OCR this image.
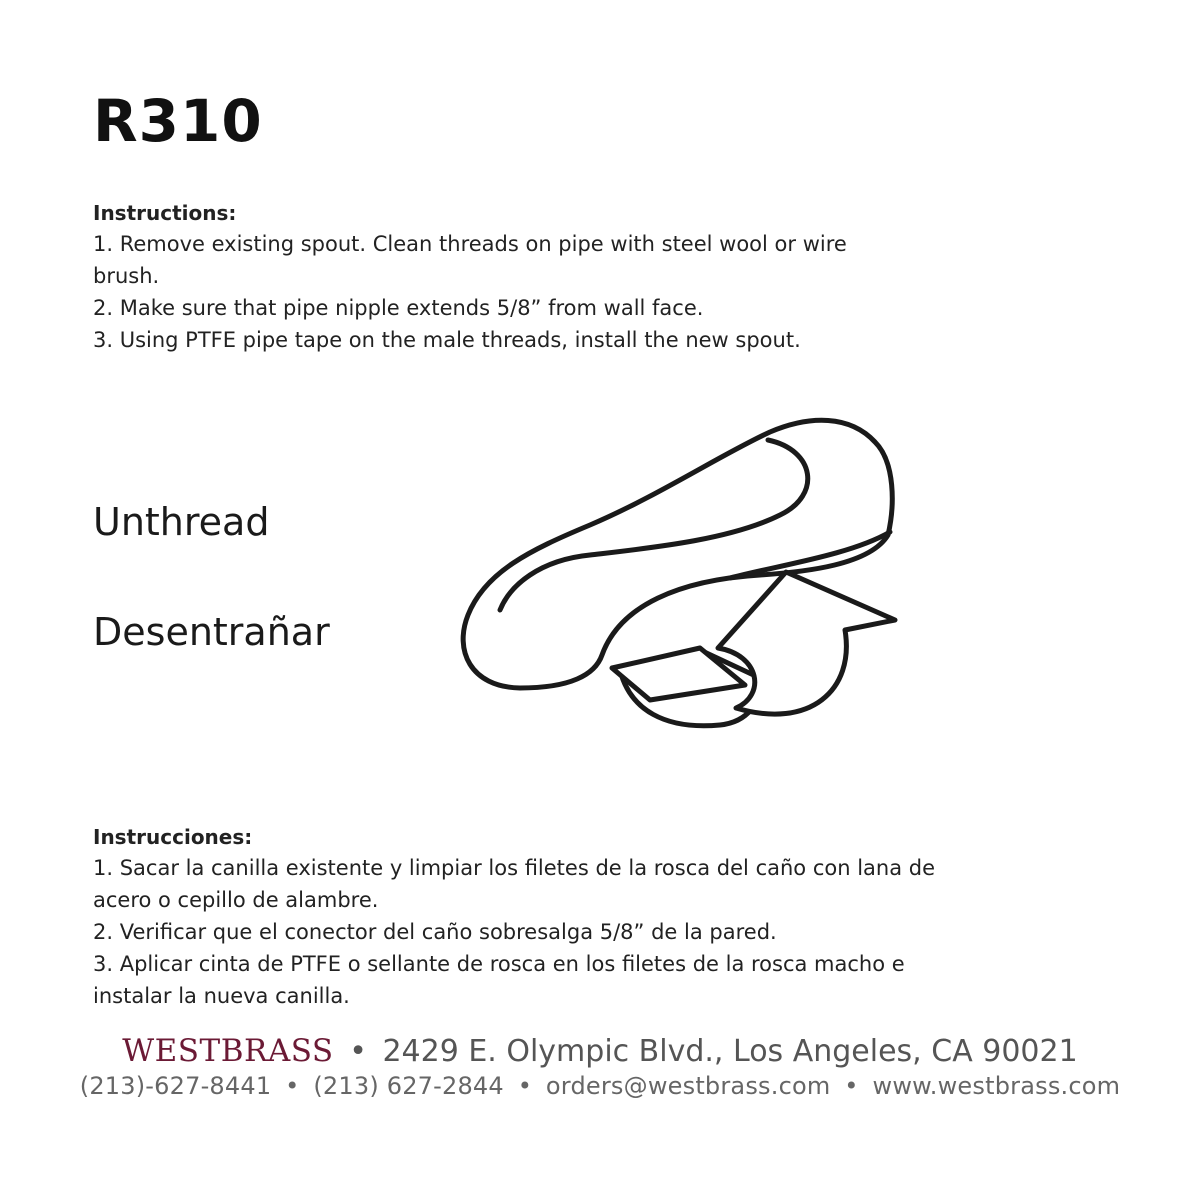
R310

Instructions:

1. Remove existing spout. Clean threads on pipe with steel wool or wire brush.
2. Make sure that pipe nipple extends 5/8” from wall face.
3. Using PTFE pipe tape on the male threads, install the new spout.
Unthread
Desentrañar

Instrucciones:

1. Sacar la canilla existente y limpiar los filetes de la rosca del caño con lana de acero o cepillo de alambre.
2. Verificar que el conector del caño sobresalga 5/8” de la pared.
3. Aplicar cinta de PTFE o sellante de rosca en los filetes de la rosca macho e instalar la nueva canilla.
WESTBRASS • 2429 E. Olympic Blvd., Los Angeles, CA 90021
(213)-627-8441 • (213) 627-2844 • orders@westbrass.com • www.westbrass.com
